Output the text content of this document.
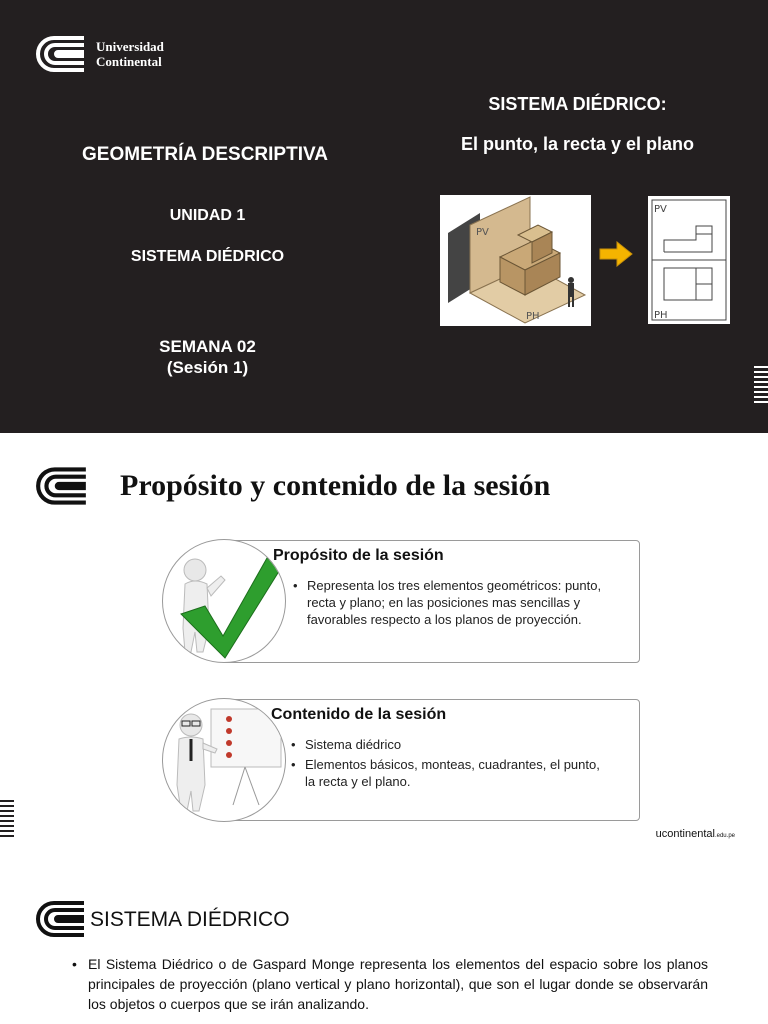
Universidad
Continental
GEOMETRÍA DESCRIPTIVA
UNIDAD 1
SISTEMA DIÉDRICO
SEMANA 02
(Sesión 1)
SISTEMA DIÉDRICO:
El punto, la recta y el plano
PV
PH
PV
PH
Propósito y contenido de la sesión
Propósito de la sesión
• Representa los tres elementos geométricos: punto, recta y plano; en las posiciones mas sencillas y favorables respecto a los planos de proyección.
Contenido de la sesión
• Sistema diédrico
• Elementos básicos, monteas, cuadrantes, el punto, la recta y el plano.
ucontinental.edu.pe
SISTEMA DIÉDRICO
• El Sistema Diédrico o de Gaspard Monge representa los elementos del espacio sobre los planos principales de proyección (plano vertical y plano horizontal), que son el lugar donde se observarán los objetos o cuerpos que se irán analizando.
